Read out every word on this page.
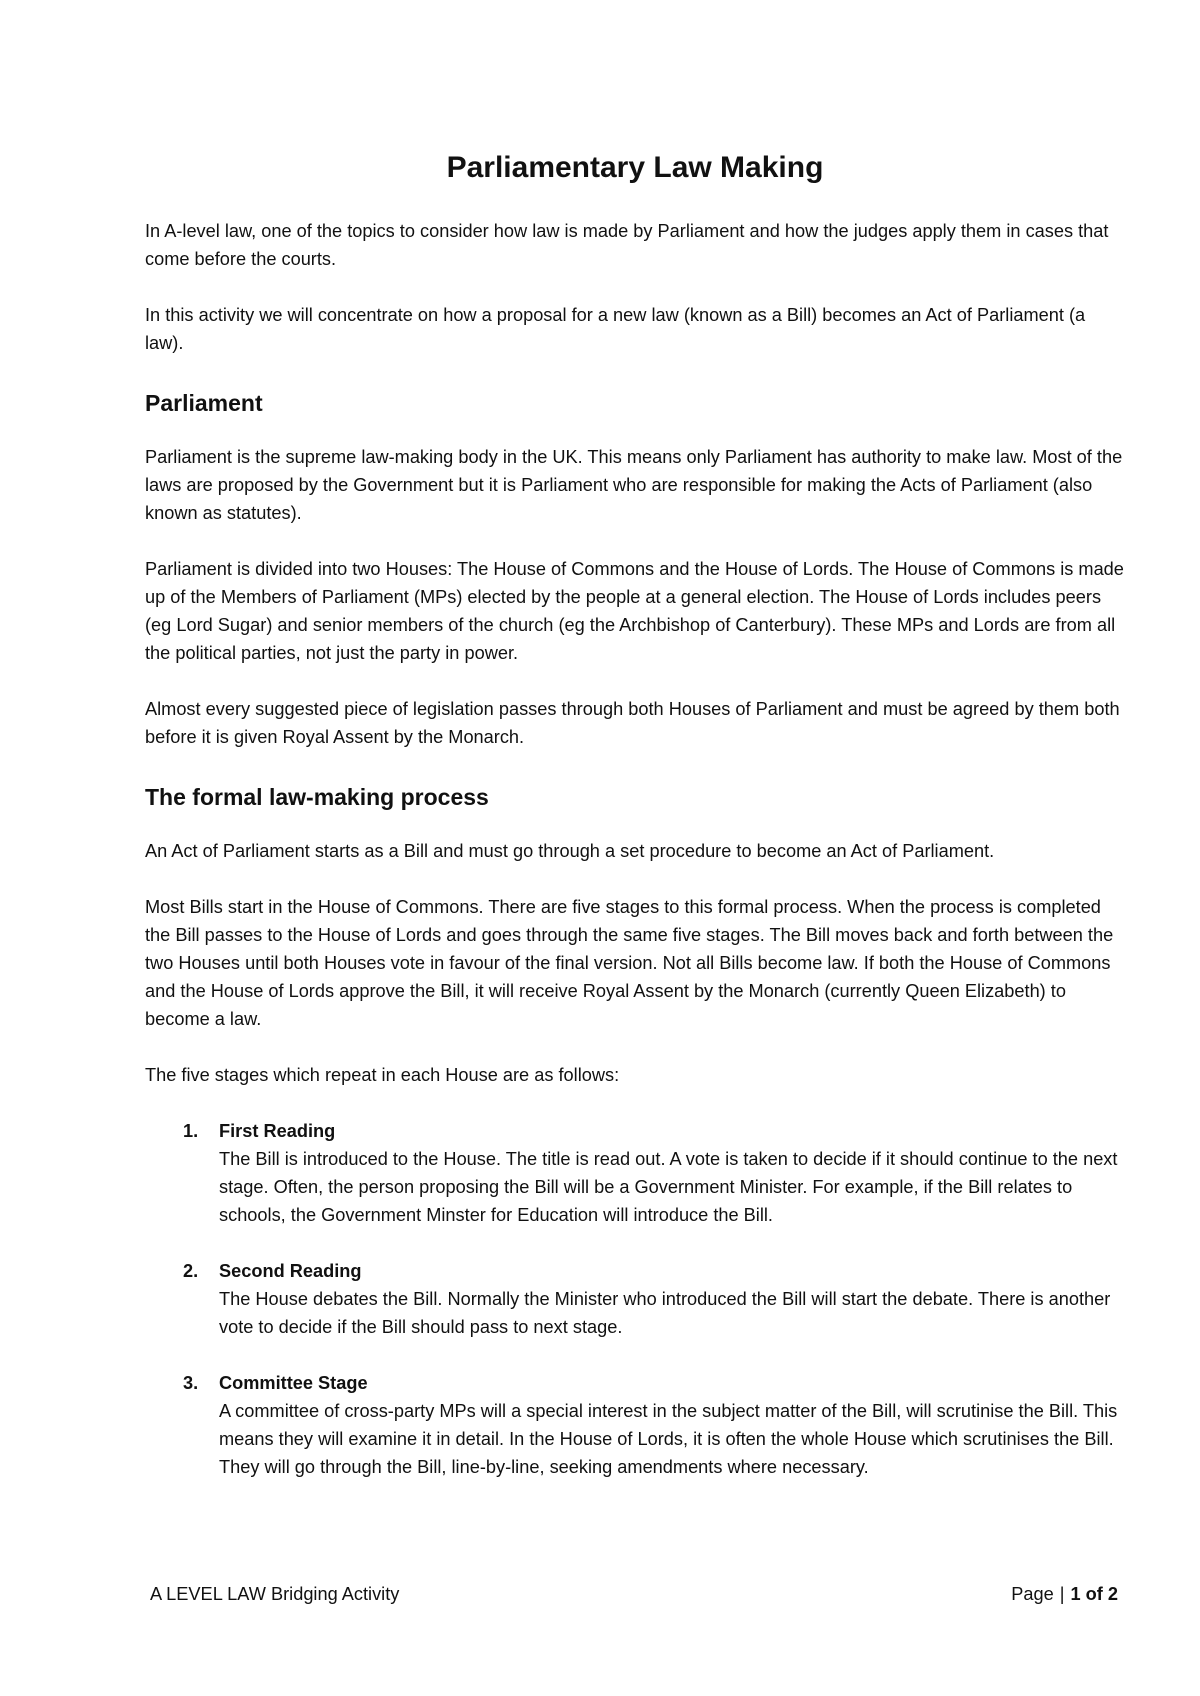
Parliamentary Law Making

In A-level law, one of the topics to consider how law is made by Parliament and how the judges apply them in cases that come before the courts.

In this activity we will concentrate on how a proposal for a new law (known as a Bill) becomes an Act of Parliament (a law).

Parliament

Parliament is the supreme law-making body in the UK. This means only Parliament has authority to make law. Most of the laws are proposed by the Government but it is Parliament who are responsible for making the Acts of Parliament (also known as statutes).

Parliament is divided into two Houses: The House of Commons and the House of Lords. The House of Commons is made up of the Members of Parliament (MPs) elected by the people at a general election. The House of Lords includes peers (eg Lord Sugar) and senior members of the church (eg the Archbishop of Canterbury). These MPs and Lords are from all the political parties, not just the party in power.

Almost every suggested piece of legislation passes through both Houses of Parliament and must be agreed by them both before it is given Royal Assent by the Monarch.

The formal law-making process

An Act of Parliament starts as a Bill and must go through a set procedure to become an Act of Parliament.

Most Bills start in the House of Commons. There are five stages to this formal process. When the process is completed the Bill passes to the House of Lords and goes through the same five stages. The Bill moves back and forth between the two Houses until both Houses vote in favour of the final version. Not all Bills become law. If both the House of Commons and the House of Lords approve the Bill, it will receive Royal Assent by the Monarch (currently Queen Elizabeth) to become a law.

The five stages which repeat in each House are as follows:

1. First Reading
The Bill is introduced to the House. The title is read out. A vote is taken to decide if it should continue to the next stage. Often, the person proposing the Bill will be a Government Minister. For example, if the Bill relates to schools, the Government Minster for Education will introduce the Bill.
2. Second Reading
The House debates the Bill. Normally the Minister who introduced the Bill will start the debate. There is another vote to decide if the Bill should pass to next stage.
3. Committee Stage
A committee of cross-party MPs will a special interest in the subject matter of the Bill, will scrutinise the Bill. This means they will examine it in detail. In the House of Lords, it is often the whole House which scrutinises the Bill. They will go through the Bill, line-by-line, seeking amendments where necessary.
A LEVEL LAW Bridging Activity	Page | 1 of 2
